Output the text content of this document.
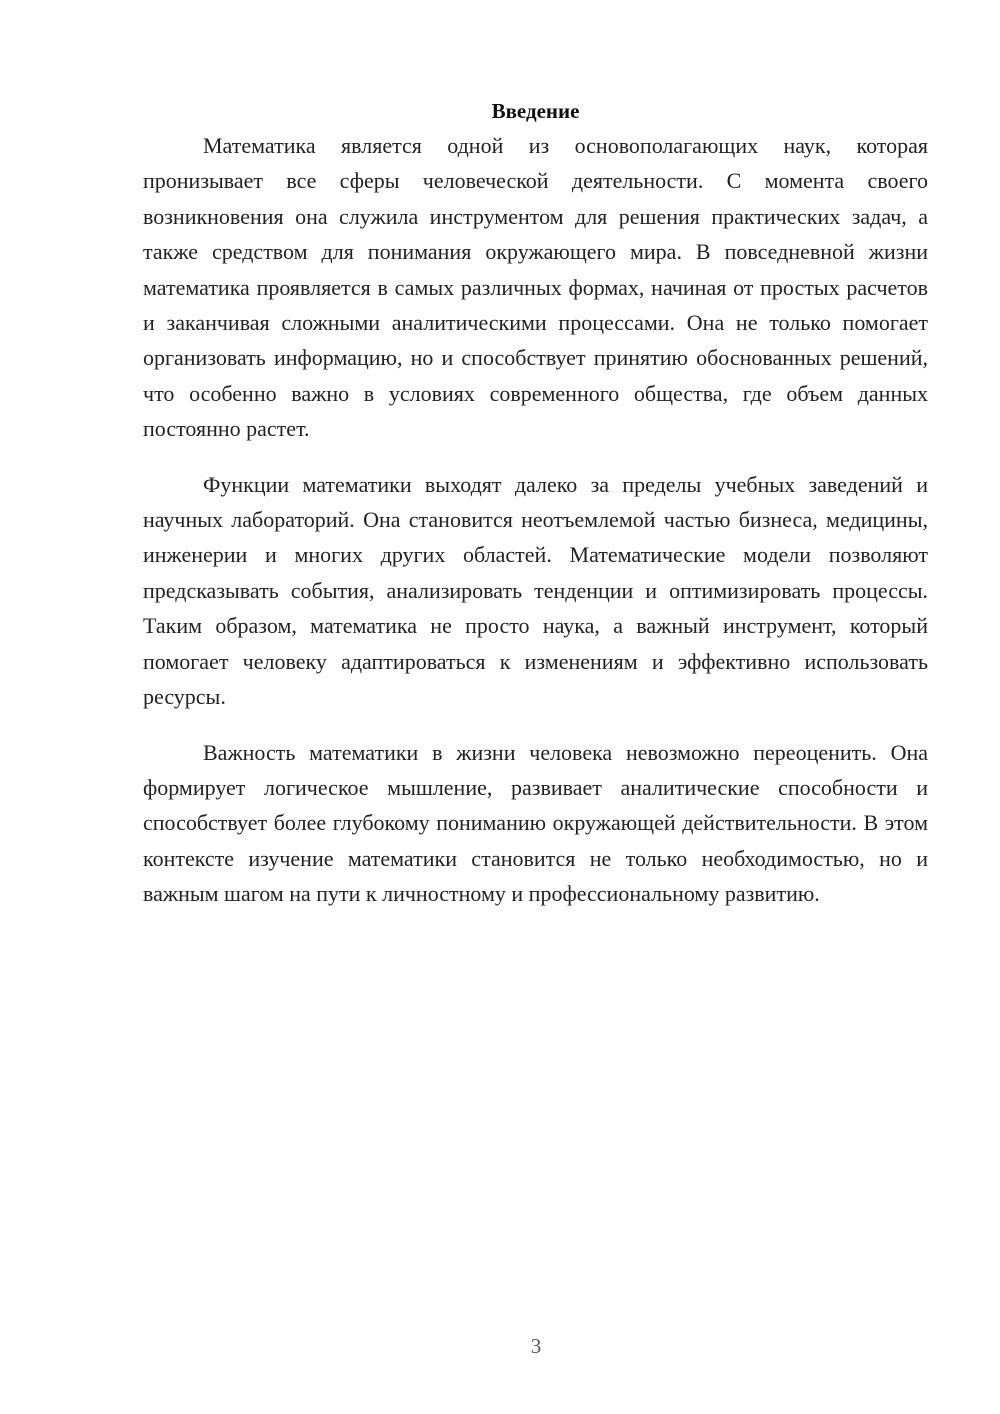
Введение

Математика является одной из основополагающих наук, которая пронизывает все сферы человеческой деятельности. С момента своего возникновения она служила инструментом для решения практических задач, а также средством для понимания окружающего мира. В повседневной жизни математика проявляется в самых различных формах, начиная от простых расчетов и заканчивая сложными аналитическими процессами. Она не только помогает организовать информацию, но и способствует принятию обоснованных решений, что особенно важно в условиях современного общества, где объем данных постоянно растет.

Функции математики выходят далеко за пределы учебных заведений и научных лабораторий. Она становится неотъемлемой частью бизнеса, медицины, инженерии и многих других областей. Математические модели позволяют предсказывать события, анализировать тенденции и оптимизировать процессы. Таким образом, математика не просто наука, а важный инструмент, который помогает человеку адаптироваться к изменениям и эффективно использовать ресурсы.

Важность математики в жизни человека невозможно переоценить. Она формирует логическое мышление, развивает аналитические способности и способствует более глубокому пониманию окружающей действительности. В этом контексте изучение математики становится не только необходимостью, но и важным шагом на пути к личностному и профессиональному развитию.

3
